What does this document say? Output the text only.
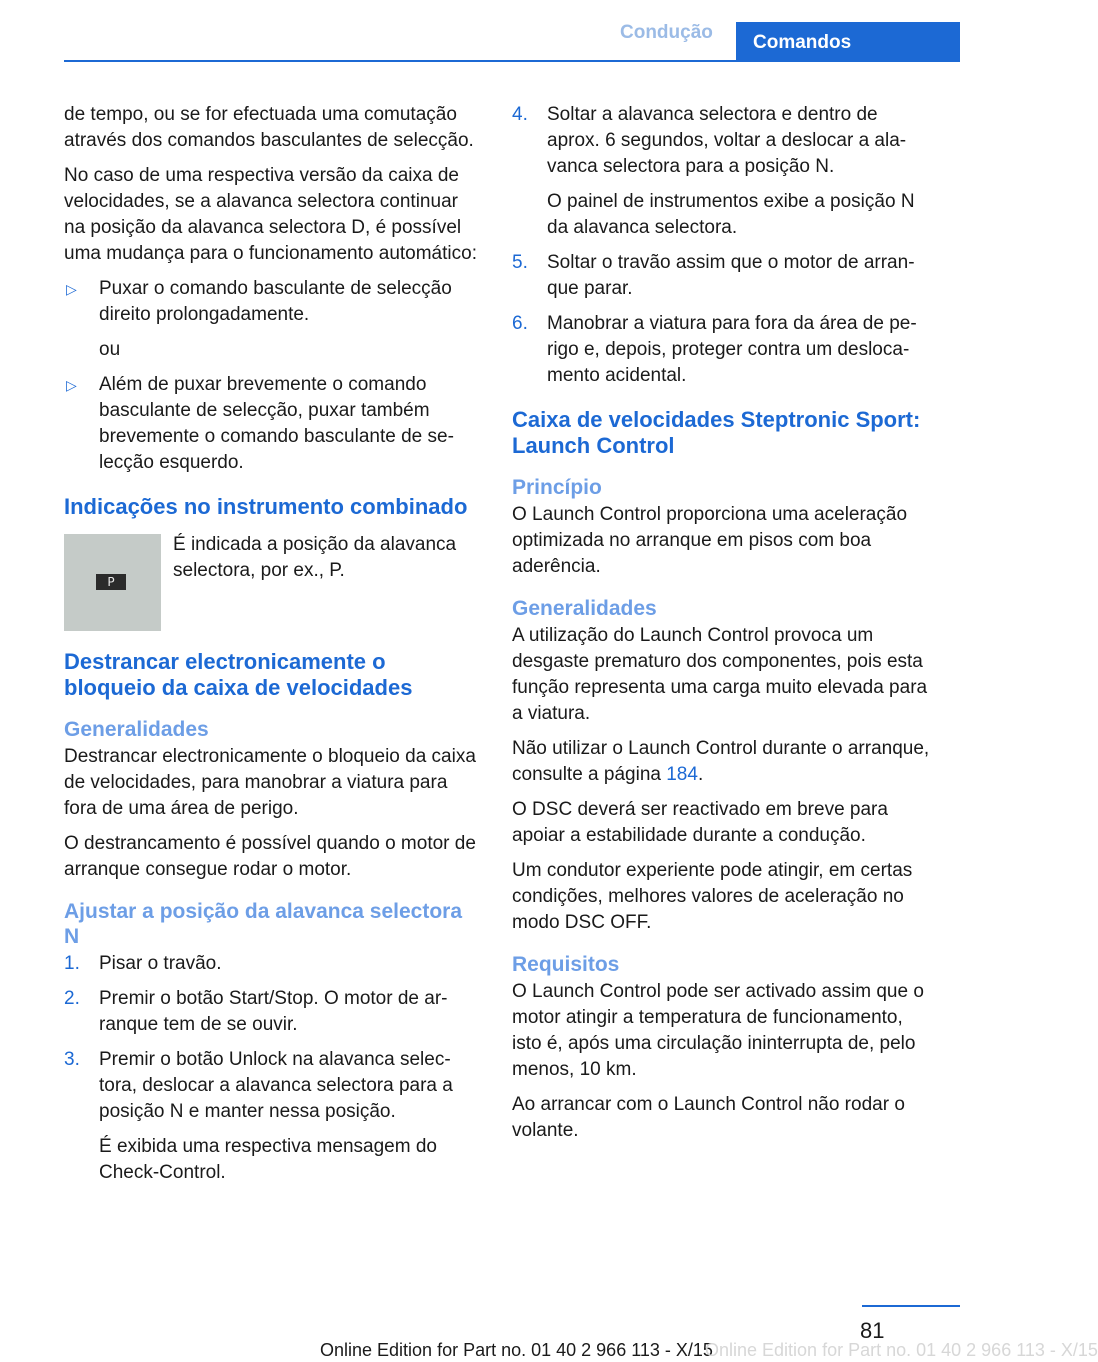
Condução	Comandos

de tempo, ou se for efectuada uma comutação através dos comandos basculantes de selecção.

No caso de uma respectiva versão da caixa de velocidades, se a alavanca selectora continuar na posição da alavanca selectora D, é possível uma mudança para o funcionamento automático:

▷ Puxar o comando basculante de selecção direito prolongadamente.
ou
▷ Além de puxar brevemente o comando basculante de selecção, puxar também brevemente o comando basculante de selecção esquerdo.
Indicações no instrumento combinado
P
É indicada a posição da alavanca selectora, por ex., P.
Destrancar electronicamente o bloqueio da caixa de velocidades
Generalidades

Destrancar electronicamente o bloqueio da caixa de velocidades, para manobrar a viatura para fora de uma área de perigo.

O destrancamento é possível quando o motor de arranque consegue rodar o motor.

Ajustar a posição da alavanca selectora N
1. Pisar o travão.
2. Premir o botão Start/Stop. O motor de arranque tem de se ouvir.
3. Premir o botão Unlock na alavanca selectora, deslocar a alavanca selectora para a posição N e manter nessa posição.
É exibida uma respectiva mensagem do Check-Control.
4. Soltar a alavanca selectora e dentro de aprox. 6 segundos, voltar a deslocar a alavanca selectora para a posição N.
O painel de instrumentos exibe a posição N da alavanca selectora.
5. Soltar o travão assim que o motor de arranque parar.
6. Manobrar a viatura para fora da área de perigo e, depois, proteger contra um deslocamento acidental.
Caixa de velocidades Steptronic Sport: Launch Control
Princípio

O Launch Control proporciona uma aceleração optimizada no arranque em pisos com boa aderência.

Generalidades

A utilização do Launch Control provoca um desgaste prematuro dos componentes, pois esta função representa uma carga muito elevada para a viatura.

Não utilizar o Launch Control durante o arranque, consulte a página 184.

O DSC deverá ser reactivado em breve para apoiar a estabilidade durante a condução.

Um condutor experiente pode atingir, em certas condições, melhores valores de aceleração no modo DSC OFF.

Requisitos

O Launch Control pode ser activado assim que o motor atingir a temperatura de funcionamento, isto é, após uma circulação ininterrupta de, pelo menos, 10 km.

Ao arrancar com o Launch Control não rodar o volante.

81
Online Edition for Part no. 01 40 2 966 113 - X/15
Online Edition for Part no. 01 40 2 966 113 - X/15
